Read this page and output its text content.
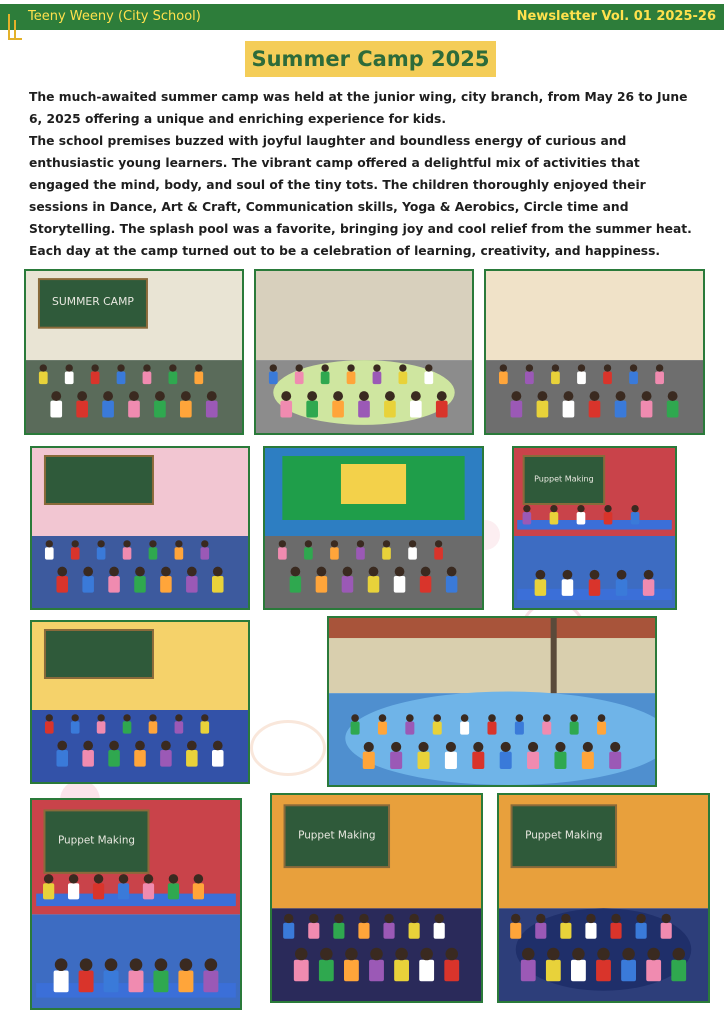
Teeny Weeny (City School)	Newsletter Vol. 01 2025-26
Summer Camp 2025

The much-awaited summer camp was held at the junior wing, city branch, from May 26 to June 6, 2025 offering a unique and enriching experience for kids.

The school premises buzzed with joyful laughter and boundless energy of curious and enthusiastic young learners. The vibrant camp offered a delightful mix of activities that engaged the mind, body, and soul of the tiny tots. The children thoroughly enjoyed their sessions in Dance, Art & Craft, Communication skills, Yoga & Aerobics, Circle time and Storytelling. The splash pool was a favorite, bringing joy and cool relief from the summer heat. Each day at the camp turned out to be a celebration of learning, creativity, and happiness.

SUMMER CAMP
Puppet Making
Puppet Making	Puppet Making	Puppet Making
